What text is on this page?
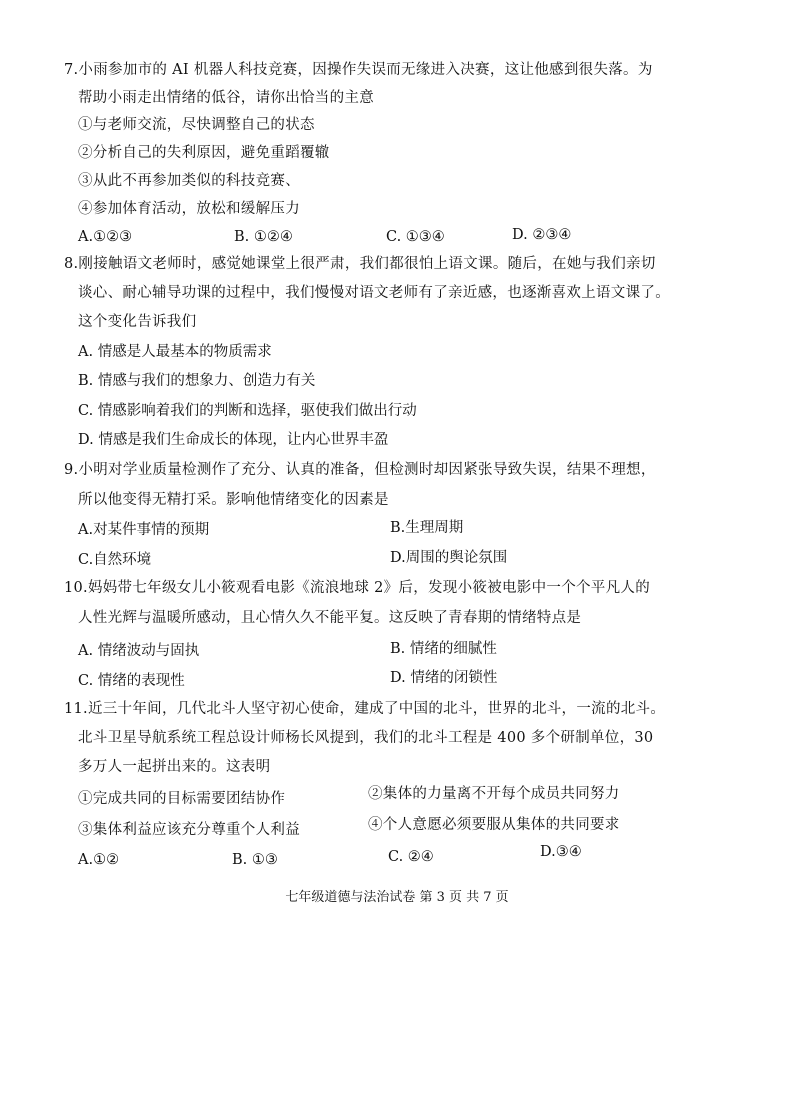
7.小雨参加市的 AI 机器人科技竞赛，因操作失误而无缘进入决赛，这让他感到很失落。为
帮助小雨走出情绪的低谷，请你出恰当的主意
①与老师交流，尽快调整自己的状态
②分析自己的失利原因，避免重蹈覆辙
③从此不再参加类似的科技竞赛、
④参加体育活动，放松和缓解压力
A.①②③	B. ①②④	C. ①③④	D. ②③④
8.刚接触语文老师时，感觉她课堂上很严肃，我们都很怕上语文课。随后，在她与我们亲切
谈心、耐心辅导功课的过程中，我们慢慢对语文老师有了亲近感，也逐渐喜欢上语文课了。
这个变化告诉我们
A. 情感是人最基本的物质需求
B. 情感与我们的想象力、创造力有关
C. 情感影响着我们的判断和选择，驱使我们做出行动
D. 情感是我们生命成长的体现，让内心世界丰盈
9.小明对学业质量检测作了充分、认真的准备，但检测时却因紧张导致失误，结果不理想，
所以他变得无精打采。影响他情绪变化的因素是
A.对某件事情的预期	B.生理周期
C.自然环境	D.周围的舆论氛围
10.妈妈带七年级女儿小筱观看电影《流浪地球 2》后，发现小筱被电影中一个个平凡人的
人性光辉与温暖所感动，且心情久久不能平复。这反映了青春期的情绪特点是
A. 情绪波动与固执	B. 情绪的细腻性
C. 情绪的表现性	D. 情绪的闭锁性
11.近三十年间，几代北斗人坚守初心使命，建成了中国的北斗，世界的北斗，一流的北斗。
北斗卫星导航系统工程总设计师杨长风提到，我们的北斗工程是 400 多个研制单位，30
多万人一起拼出来的。这表明
①完成共同的目标需要团结协作	②集体的力量离不开每个成员共同努力
③集体利益应该充分尊重个人利益	④个人意愿必须要服从集体的共同要求
A.①②	B. ①③	C. ②④	D.③④
七年级道德与法治试卷 第 3 页 共 7 页
